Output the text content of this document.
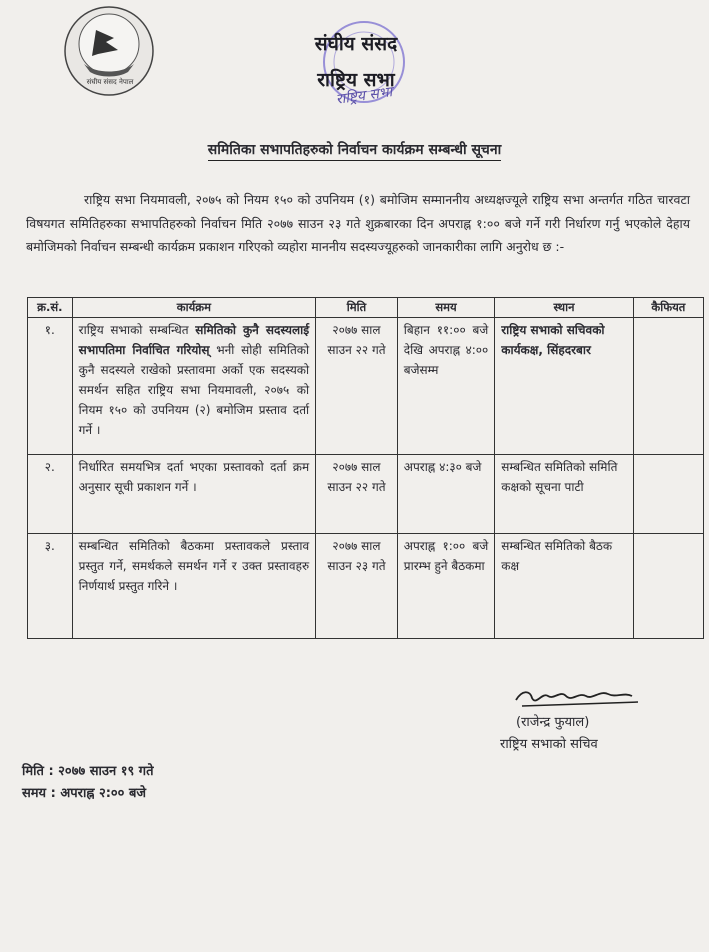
संघीय संसद नेपाल
संघीय संसद
राष्ट्रिय सभा
राष्ट्रिय सभा
समितिका सभापतिहरुको निर्वाचन कार्यक्रम सम्बन्धी सूचना
राष्ट्रिय सभा नियमावली, २०७५ को नियम १५० को उपनियम (१) बमोजिम सम्माननीय अध्यक्षज्यूले राष्ट्रिय सभा अन्तर्गत गठित चारवटा विषयगत समितिहरुका सभापतिहरुको निर्वाचन मिति २०७७ साउन २३ गते शुक्रबारका दिन अपराह्न १:०० बजे गर्ने गरी निर्धारण गर्नु भएकोले देहाय बमोजिमको निर्वाचन सम्बन्धी कार्यक्रम प्रकाशन गरिएको व्यहोरा माननीय सदस्यज्यूहरुको जानकारीका लागि अनुरोध छ :-
क्र.सं.	कार्यक्रम	मिति	समय	स्थान	कैफियत
१.	राष्ट्रिय सभाको सम्बन्धित समितिको कुनै सदस्यलाई सभापतिमा निर्वाचित गरियोस् भनी सोही समितिको कुनै सदस्यले राखेको प्रस्तावमा अर्को एक सदस्यको समर्थन सहित राष्ट्रिय सभा नियमावली, २०७५ को नियम १५० को उपनियम (२) बमोजिम प्रस्ताव दर्ता गर्ने ।	२०७७ साल साउन २२ गते	बिहान ११:०० बजे देखि अपराह्न ४:०० बजेसम्म	राष्ट्रिय सभाको सचिवको कार्यकक्ष, सिंहदरबार	
२.	निर्धारित समयभित्र दर्ता भएका प्रस्तावको दर्ता क्रम अनुसार सूची प्रकाशन गर्ने ।	२०७७ साल साउन २२ गते	अपराह्न ४:३० बजे	सम्बन्धित समितिको समिति कक्षको सूचना पाटी	
३.	सम्बन्धित समितिको बैठकमा प्रस्तावकले प्रस्ताव प्रस्तुत गर्ने, समर्थकले समर्थन गर्ने र उक्त प्रस्तावहरु निर्णयार्थ प्रस्तुत गरिने ।	२०७७ साल साउन २३ गते	अपराह्न १:०० बजे प्रारम्भ हुने बैठकमा	सम्बन्धित समितिको बैठक कक्ष	
(राजेन्द्र फुयाल)
राष्ट्रिय सभाको सचिव
मिति : २०७७ साउन १९ गते
समय : अपराह्न २:०० बजे
